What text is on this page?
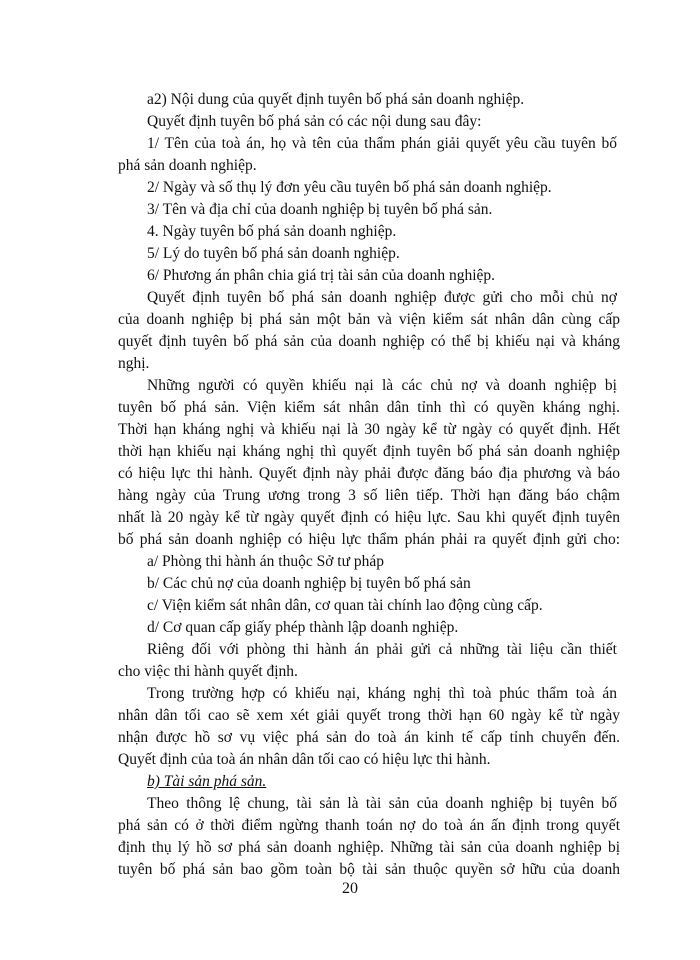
a2) Nội dung của quyết định tuyên bố phá sản doanh nghiệp.
Quyết định tuyên bố phá sản có các nội dung sau đây:
1/ Tên của toà án, họ và tên của thẩm phán giải quyết yêu cầu tuyên bố
phá sản doanh nghiệp.
2/ Ngày và số thụ lý đơn yêu cầu tuyên bố phá sản doanh nghiệp.
3/ Tên và địa chỉ của doanh nghiệp bị tuyên bố phá sản.
4. Ngày tuyên bố phá sản doanh nghiệp.
5/ Lý do tuyên bố phá sản doanh nghiệp.
6/ Phương án phân chia giá trị tài sản của doanh nghiệp.
Quyết định tuyên bố phá sản doanh nghiệp được gửi cho mỗi chủ nợ
của doanh nghiệp bị phá sản một bản và viện kiểm sát nhân dân cùng cấp
quyết định tuyên bố phá sản của doanh nghiệp có thể bị khiếu nại và kháng
nghị.
Những người có quyền khiếu nại là các chủ nợ và doanh nghiệp bị
tuyên bố phá sản. Viện kiểm sát nhân dân tỉnh thì có quyền kháng nghị.
Thời hạn kháng nghị và khiếu nại là 30 ngày kể từ ngày có quyết định. Hết
thời hạn khiếu nại kháng nghị thì quyết định tuyên bố phá sản doanh nghiệp
có hiệu lực thi hành. Quyết định này phải được đăng báo địa phương và báo
hàng ngày của Trung ương trong 3 số liên tiếp. Thời hạn đăng báo chậm
nhất là 20 ngày kể từ ngày quyết định có hiệu lực. Sau khi quyết định tuyên
bố phá sản doanh nghiệp có hiệu lực thẩm phán phải ra quyết định gửi cho:
a/ Phòng thi hành án thuộc Sở tư pháp
b/ Các chủ nợ của doanh nghiệp bị tuyên bố phá sản
c/ Viện kiểm sát nhân dân, cơ quan tài chính lao động cùng cấp.
d/ Cơ quan cấp giấy phép thành lập doanh nghiệp.
Riêng đối với phòng thi hành án phải gửi cả những tài liệu cần thiết
cho việc thi hành quyết định.
Trong trường hợp có khiếu nại, kháng nghị thì toà phúc thẩm toà án
nhân dân tối cao sẽ xem xét giải quyết trong thời hạn 60 ngày kể từ ngày
nhận được hồ sơ vụ việc phá sản do toà án kinh tế cấp tỉnh chuyển đến.
Quyết định của toà án nhân dân tối cao có hiệu lực thi hành.
b) Tài sản phá sản.
Theo thông lệ chung, tài sản là tài sản của doanh nghiệp bị tuyên bố
phá sản có ở thời điểm ngừng thanh toán nợ do toà án ấn định trong quyết
định thụ lý hồ sơ phá sản doanh nghiệp. Những tài sản của doanh nghiệp bị
tuyên bố phá sản bao gồm toàn bộ tài sản thuộc quyền sở hữu của doanh
20
